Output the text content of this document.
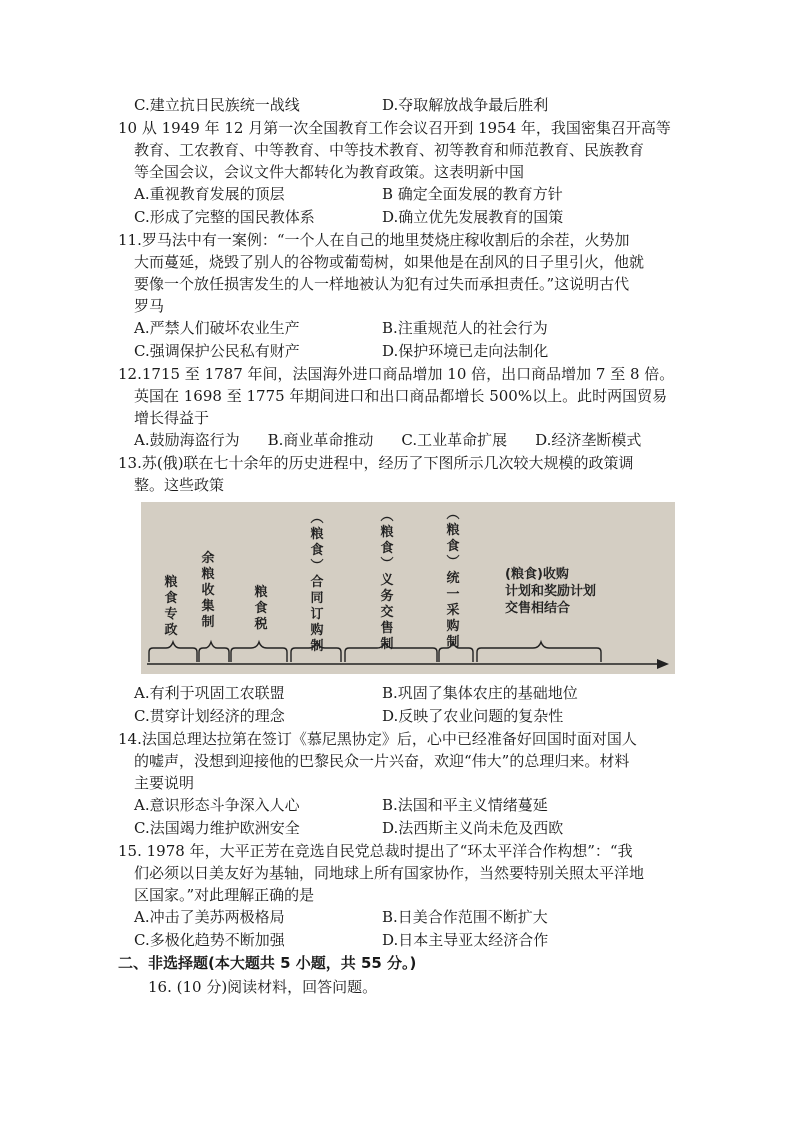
C.建立抗日民族统一战线	D.夺取解放战争最后胜利
10 从 1949 年 12 月第一次全国教育工作会议召开到 1954 年，我国密集召开高等
教育、工农教育、中等教育、中等技术教育、初等教育和师范教育、民族教育
等全国会议，会议文件大都转化为教育政策。这表明新中国
A.重视教育发展的顶层	B 确定全面发展的教育方针
C.形成了完整的国民教体系	D.确立优先发展教育的国策
11.罗马法中有一案例：“一个人在自己的地里焚烧庄稼收割后的余茬，火势加
大而蔓延，烧毁了别人的谷物或葡萄树，如果他是在刮风的日子里引火，他就
要像一个放任损害发生的人一样地被认为犯有过失而承担责任。”这说明古代
罗马
A.严禁人们破坏农业生产	B.注重规范人的社会行为
C.强调保护公民私有财产	D.保护环境已走向法制化
12.1715 至 1787 年间，法国海外进口商品增加 10 倍，出口商品增加 7 至 8 倍。
英国在 1698 至 1775 年期间进口和出口商品都增长 500%以上。此时两国贸易
增长得益于
A.鼓励海盗行为 B.商业革命推动 C.工业革命扩展 D.经济垄断模式
13.苏(俄)联在七十余年的历史进程中，经历了下图所示几次较大规模的政策调
整。这些政策
粮食专政
余粮收集制
粮食税
︵粮食︶合同订购制
︵粮食︶义务交售制
︵粮食︶统一采购制
(粮食)收购计划和奖励计划交售相结合
A.有利于巩固工农联盟	B.巩固了集体农庄的基础地位
C.贯穿计划经济的理念	D.反映了农业问题的复杂性
14.法国总理达拉第在签订《慕尼黑协定》后，心中已经准备好回国时面对国人
的嘘声，没想到迎接他的巴黎民众一片兴奋，欢迎“伟大”的总理归来。材料
主要说明
A.意识形态斗争深入人心	B.法国和平主义情绪蔓延
C.法国竭力维护欧洲安全	D.法西斯主义尚未危及西欧
15. 1978 年，大平正芳在竞选自民党总裁时提出了“环太平洋合作构想”：“我
们必须以日美友好为基轴，同地球上所有国家协作，当然要特别关照太平洋地
区国家。”对此理解正确的是
A.冲击了美苏两极格局	B.日美合作范围不断扩大
C.多极化趋势不断加强	D.日本主导亚太经济合作
二、非选择题(本大题共 5 小题，共 55 分。)
16. (10 分)阅读材料，回答问题。
